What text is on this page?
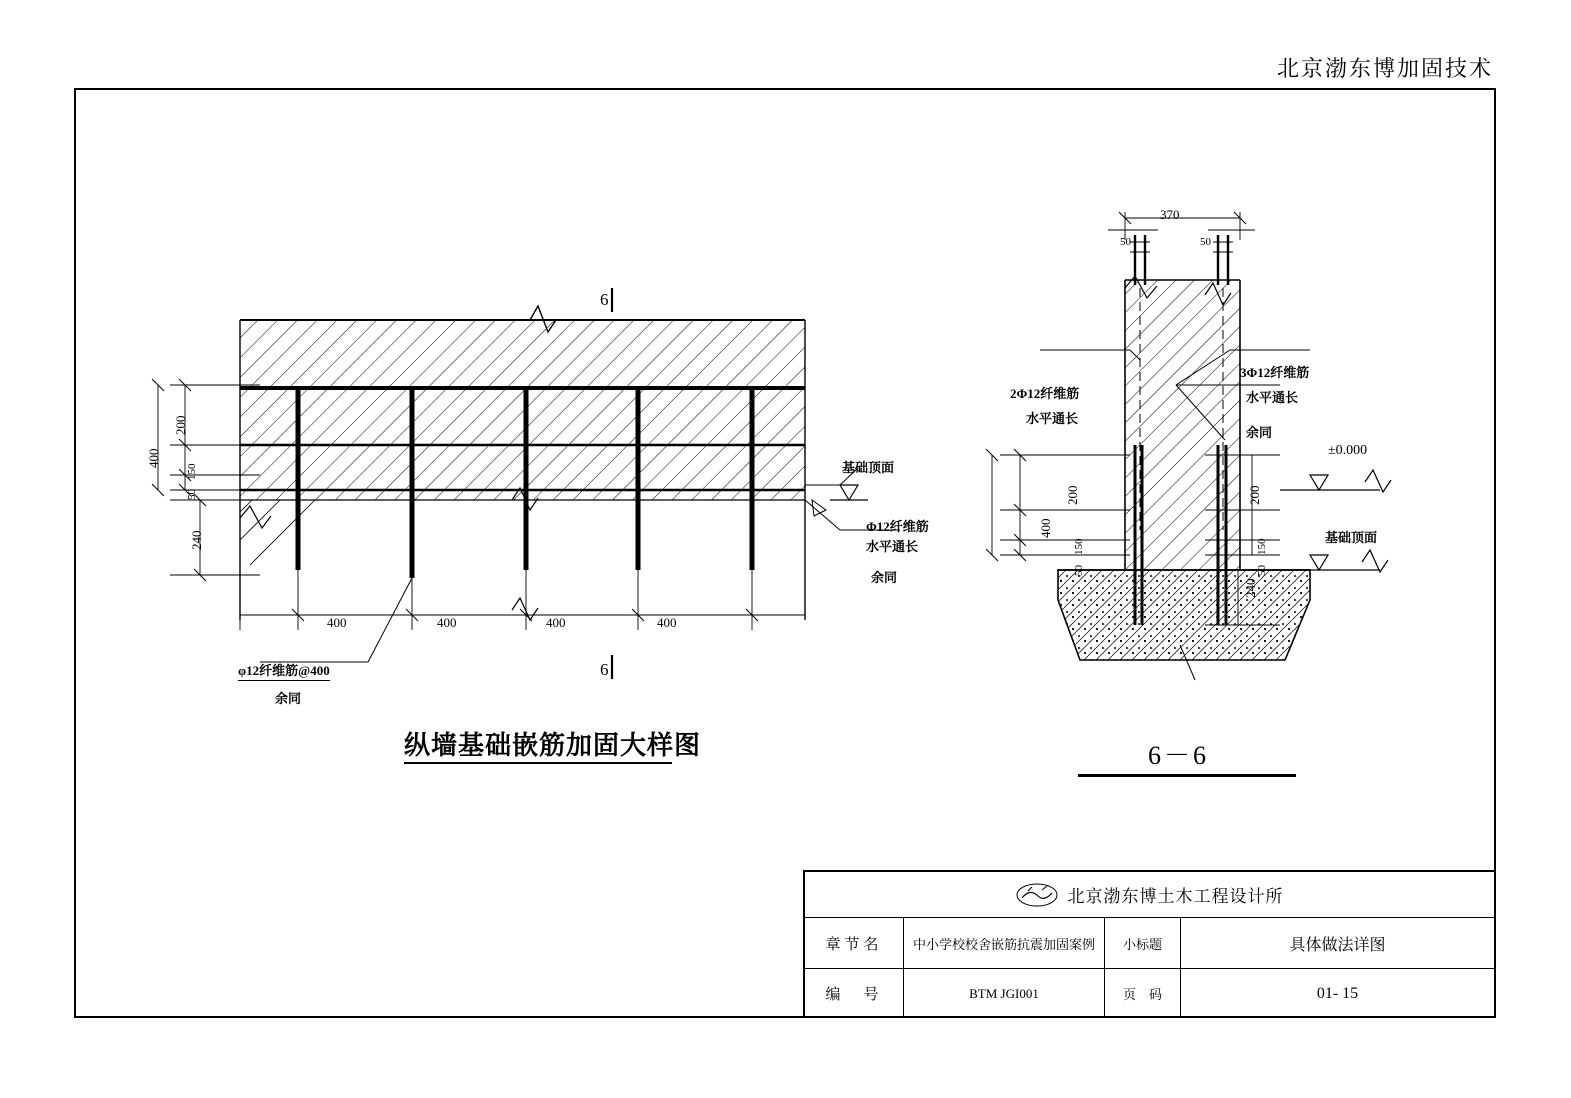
北京渤东博加固技术
6
6
400
200
150
50
240
400	400	400	400
基础顶面
Φ12纤维筋
水平通长
余同
φ12纤维筋@400
余同
纵墙基础嵌筋加固大样图
370
50	50
400
200
150
50
200
150
50
240
2Φ12纤维筋
水平通长
3Φ12纤维筋
水平通长
余同
±0.000
基础顶面
6－6
北京渤东博土木工程设计所
章节名	中小学校校舍嵌筋抗震加固案例	小标题	具体做法详图
编　号	BTM JGI001	页　码	01- 15
